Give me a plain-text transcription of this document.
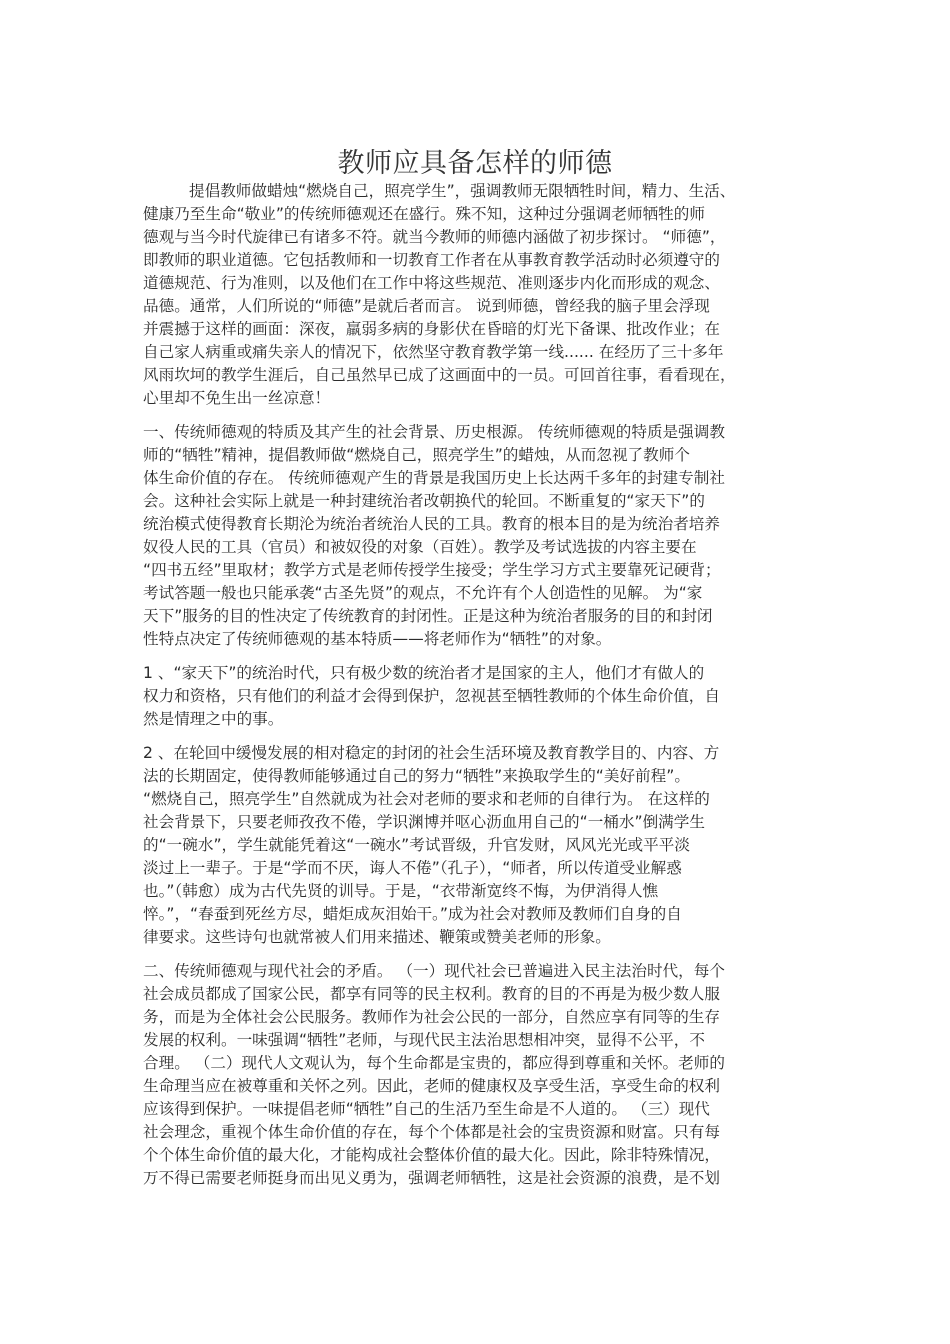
教师应具备怎样的师德
提倡教师做蜡烛“燃烧自己，照亮学生”，强调教师无限牺牲时间，精力、生活、
健康乃至生命“敬业”的传统师德观还在盛行。殊不知，这种过分强调老师牺牲的师
德观与当今时代旋律已有诸多不符。就当今教师的师德内涵做了初步探讨。 “师德”，
即教师的职业道德。它包括教师和一切教育工作者在从事教育教学活动时必须遵守的
道德规范、行为准则，以及他们在工作中将这些规范、准则逐步内化而形成的观念、
品德。通常，人们所说的“师德”是就后者而言。 说到师德，曾经我的脑子里会浮现
并震撼于这样的画面：深夜，羸弱多病的身影伏在昏暗的灯光下备课、批改作业；在
自己家人病重或痛失亲人的情况下，依然坚守教育教学第一线...... 在经历了三十多年
风雨坎坷的教学生涯后，自己虽然早已成了这画面中的一员。可回首往事，看看现在，
心里却不免生出一丝凉意！
一、传统师德观的特质及其产生的社会背景、历史根源。 传统师德观的特质是强调教
师的“牺牲”精神，提倡教师做“燃烧自己，照亮学生”的蜡烛，从而忽视了教师个
体生命价值的存在。 传统师德观产生的背景是我国历史上长达两千多年的封建专制社
会。这种社会实际上就是一种封建统治者改朝换代的轮回。不断重复的“家天下”的
统治模式使得教育长期沦为统治者统治人民的工具。教育的根本目的是为统治者培养
奴役人民的工具（官员）和被奴役的对象（百姓）。教学及考试选拔的内容主要在
“四书五经”里取材；教学方式是老师传授学生接受；学生学习方式主要靠死记硬背；
考试答题一般也只能承袭“古圣先贤”的观点，不允许有个人创造性的见解。 为“家
天下”服务的目的性决定了传统教育的封闭性。正是这种为统治者服务的目的和封闭
性特点决定了传统师德观的基本特质——将老师作为“牺牲”的对象。
1 、“家天下”的统治时代，只有极少数的统治者才是国家的主人，他们才有做人的
权力和资格，只有他们的利益才会得到保护，忽视甚至牺牲教师的个体生命价值，自
然是情理之中的事。
2 、在轮回中缓慢发展的相对稳定的封闭的社会生活环境及教育教学目的、内容、方
法的长期固定，使得教师能够通过自己的努力“牺牲”来换取学生的“美好前程”。
“燃烧自己，照亮学生”自然就成为社会对老师的要求和老师的自律行为。 在这样的
社会背景下，只要老师孜孜不倦，学识渊博并呕心沥血用自己的“一桶水”倒满学生
的“一碗水”，学生就能凭着这“一碗水”考试晋级，升官发财，风风光光或平平淡
淡过上一辈子。于是“学而不厌，诲人不倦”（孔子），“师者，所以传道受业解惑
也。”（韩愈）成为古代先贤的训导。于是，“衣带渐宽终不悔，为伊消得人憔
悴。”，“春蚕到死丝方尽，蜡炬成灰泪始干。”成为社会对教师及教师们自身的自
律要求。这些诗句也就常被人们用来描述、鞭策或赞美老师的形象。
二、传统师德观与现代社会的矛盾。 （一）现代社会已普遍进入民主法治时代，每个
社会成员都成了国家公民，都享有同等的民主权利。教育的目的不再是为极少数人服
务，而是为全体社会公民服务。教师作为社会公民的一部分，自然应享有同等的生存
发展的权利。一味强调“牺牲”老师，与现代民主法治思想相冲突，显得不公平，不
合理。 （二）现代人文观认为，每个生命都是宝贵的，都应得到尊重和关怀。老师的
生命理当应在被尊重和关怀之列。因此，老师的健康权及享受生活，享受生命的权利
应该得到保护。一味提倡老师“牺牲”自己的生活乃至生命是不人道的。 （三）现代
社会理念，重视个体生命价值的存在，每个个体都是社会的宝贵资源和财富。只有每
个个体生命价值的最大化，才能构成社会整体价值的最大化。因此，除非特殊情况，
万不得已需要老师挺身而出见义勇为，强调老师牺牲，这是社会资源的浪费，是不划
